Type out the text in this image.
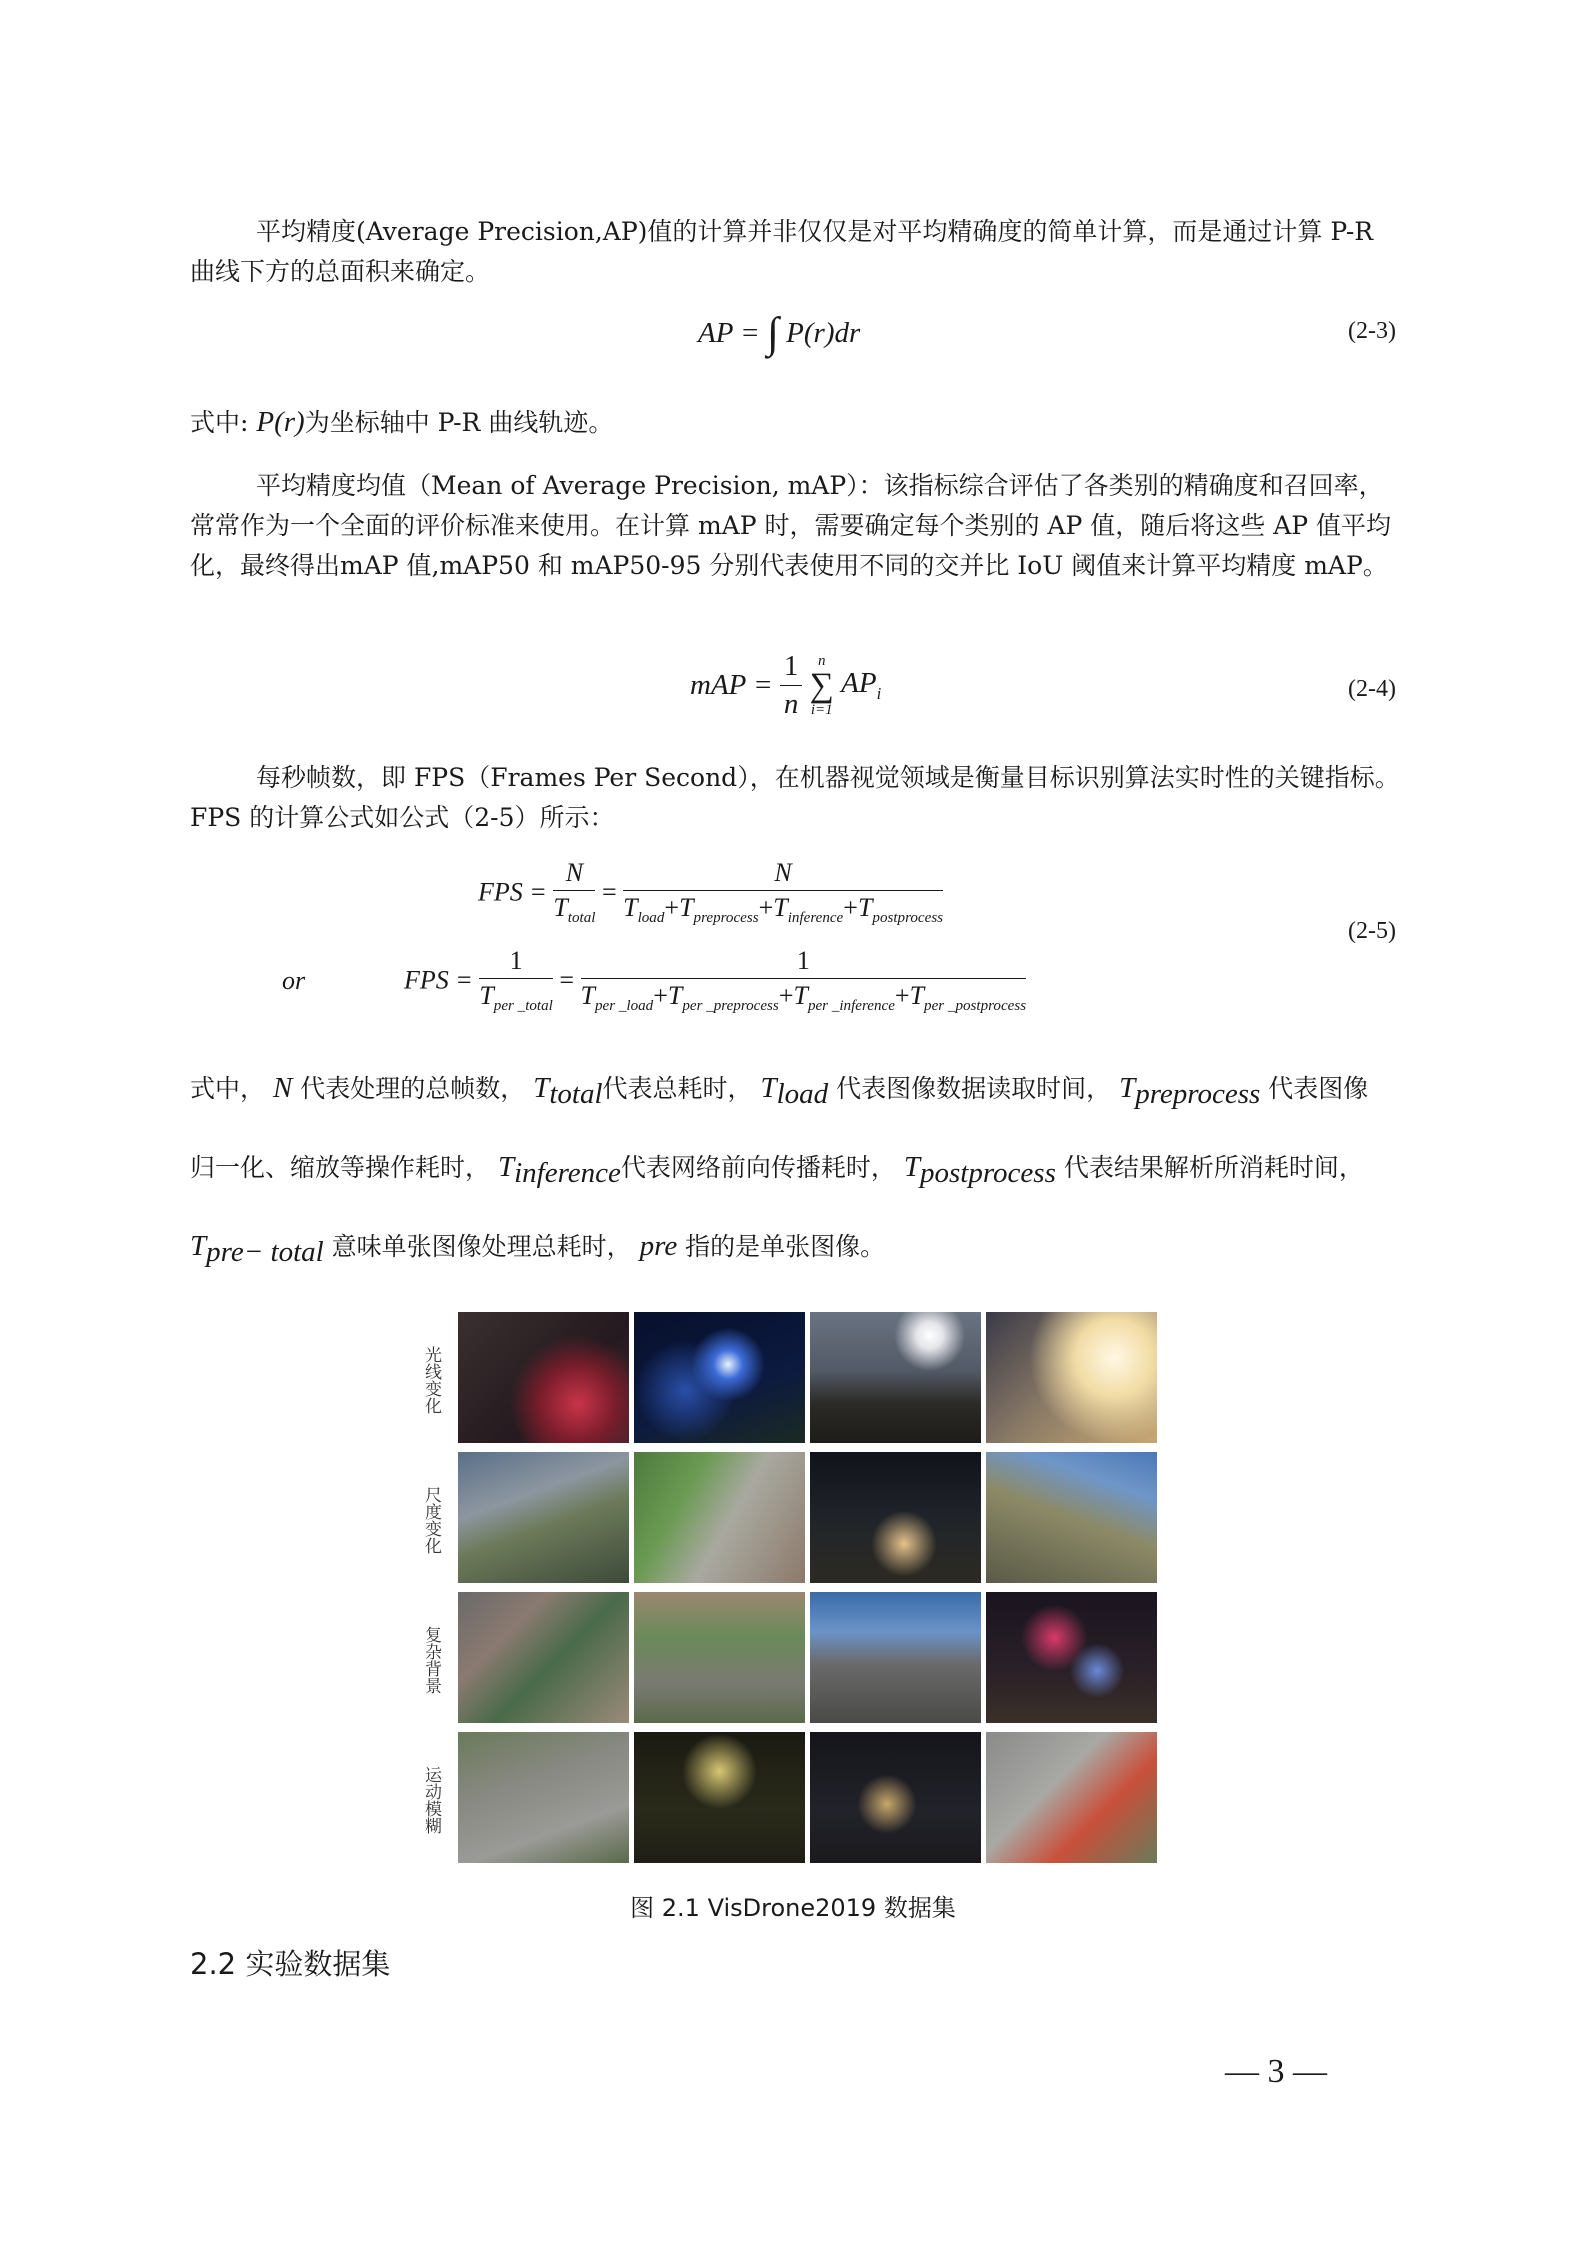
平均精度(Average Precision,AP)值的计算并非仅仅是对平均精确度的简单计算，而是通过计算 P-R 曲线下方的总面积来确定。

AP = ∫ P(r)dr	(2-3)
式中: P(r)为坐标轴中 P-R 曲线轨迹。

平均精度均值（Mean of Average Precision, mAP）：该指标综合评估了各类别的精确度和召回率，常常作为一个全面的评价标准来使用。在计算 mAP 时，需要确定每个类别的 AP 值，随后将这些 AP 值平均化，最终得出mAP 值,mAP50 和 mAP50-95 分别代表使用不同的交并比 IoU 阈值来计算平均精度 mAP。

mAP = $\frac{1}{n}$
	n
∑
i=1
$AP_i$	(2-4)

每秒帧数，即 FPS（Frames Per Second），在机器视觉领域是衡量目标识别算法实时性的关键指标。FPS 的计算公式如公式（2-5）所示：

FPS = $\frac{N}{T_{total}} = \frac{N}{T_{load}+T_{preprocess}+T_{inference}+T_{postprocess}}$
(2-5)
or	FPS = $\frac{1}{T_{per \_total}}$ =
1
$T_{per \_load}+T_{per \_preprocess}+T_{per \_inference}+T_{per \_postprocess}$
式中， N 代表处理的总帧数， $T_{total}$代表总耗时， $T_{load}$ 代表图像数据读取时间， $T_{preprocess}$ 代表图像
归一化、缩放等操作耗时， $T_{inference}$代表网络前向传播耗时， $T_{postprocess}$ 代表结果解析所消耗时间，
$T_{pre- total}$ 意味单张图像处理总耗时， pre 指的是单张图像。
光线变化
尺度变化
复杂背景
运动模糊
图 2.1 VisDrone2019 数据集
2.2 实验数据集
— 3 —
